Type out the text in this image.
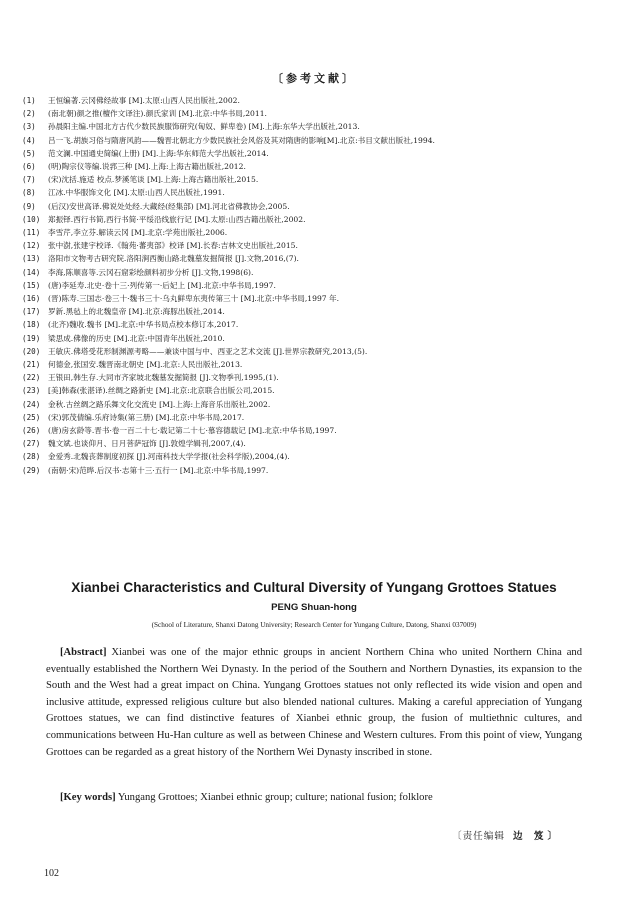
〔参考文献〕
(1)	王恒编著.云冈佛经故事 [M].太原:山西人民出版社,2002.
(2)	(南北朝)颜之推(檀作文译注).颜氏家训 [M].北京:中华书局,2011.
(3)	孙晨阳主编.中国北方古代少数民族服饰研究(匈奴、鲜卑卷) [M].上海:东华大学出版社,2013.
(4)	吕一飞.胡族习俗与隋唐风韵——魏晋北朝北方少数民族社会风俗及其对隋唐的影响[M].北京:书目文献出版社,1994.
(5)	范文澜.中国通史简编(上册) [M].上海:华东师范大学出版社,2014.
(6)	(明)陶宗仪等编.说郛三种 [M].上海:上海古籍出版社,2012.
(7)	(宋)沈括.施适 校点.梦溪笔谈 [M].上海:上海古籍出版社,2015.
(8)	江冰.中华服饰文化 [M].太原:山西人民出版社,1991.
(9)	(后汉)安世高译.佛说处处经.大藏经(经集部) [M].河北省佛教协会,2005.
(10)	郑振铎.西行书简,西行书简·平绥沿线旅行记 [M].太原:山西古籍出版社,2002.
(11)	李雪芹,李立芬.解读云冈 [M].北京:学苑出版社,2006.
(12)	张中澍,张建宇校译.《翰苑·蕃夷部》校译 [M].长春:吉林文史出版社,2015.
(13)	洛阳市文物考古研究院.洛阳涧西衡山路北魏墓发掘简报 [J].文物,2016,(7).
(14)	李海,陈顺喜等.云冈石窟彩绘颜料初步分析 [J].文物,1998(6).
(15)	(唐)李延寿.北史·卷十三·列传第一·后妃上 [M].北京:中华书局,1997.
(16)	(晋)陈寿.三国志·卷三十·魏书三十·乌丸鲜卑东夷传第三十 [M].北京:中华书局,1997 年.
(17)	罗新.黑毡上的北魏皇帝 [M].北京:海豚出版社,2014.
(18)	(北齐)魏收.魏书 [M].北京:中华书局点校本修订本,2017.
(19)	梁思成.佛像的历史 [M].北京:中国青年出版社,2010.
(20)	王敏庆.佛塔受花形制渊源考略——兼谈中国与中、西亚之艺术交流 [J].世界宗教研究,2013,(5).
(21)	何德金,张国安.魏晋南北朝史 [M].北京:人民出版社,2013.
(22)	王银田,韩生存.大同市齐家坡北魏墓发掘简报 [J].文物季刊,1995,(1).
(23)	[美]韩森(张湛译).丝绸之路新史 [M].北京:北京联合出版公司,2015.
(24)	金秋.古丝绸之路乐舞文化交流史 [M].上海:上海音乐出版社,2002.
(25)	(宋)郭茂倩编.乐府诗集(第三册) [M].北京:中华书局,2017.
(26)	(唐)房玄龄等.晋书·卷一百二十七·载记第二十七·慕容德载记 [M].北京:中华书局,1997.
(27)	魏文斌.也谈仰月、日月菩萨冠饰 [J].敦煌学辑刊,2007,(4).
(28)	金爱秀.北魏丧葬制度初探 [J].河南科技大学学报(社会科学版),2004,(4).
(29)	(南朝·宋)范晔.后汉书·志第十三·五行一 [M].北京:中华书局,1997.
Xianbei Characteristics and Cultural Diversity of Yungang Grottoes Statues
PENG Shuan-hong
(School of Literature, Shanxi Datong University; Research Center for Yungang Culture, Datong, Shanxi 037009)
[Abstract] Xianbei was one of the major ethnic groups in ancient Northern China who united Northern China and eventually established the Northern Wei Dynasty. In the period of the Southern and Northern Dynasties, its expansion to the South and the West had a great impact on China. Yungang Grottoes statues not only reflected its wide vision and open and inclusive attitude, expressed religious culture but also blended national cultures. Making a careful appreciation of Yungang Grottoes statues, we can find distinctive features of Xianbei ethnic group, the fusion of multiethnic cultures, and communications between Hu-Han culture as well as between Chinese and Western cultures. From this point of view, Yungang Grottoes can be regarded as a great history of the Northern Wei Dynasty inscribed in stone.
[Key words] Yungang Grottoes; Xianbei ethnic group; culture; national fusion; folklore
〔责任编辑 边 笈〕
102
